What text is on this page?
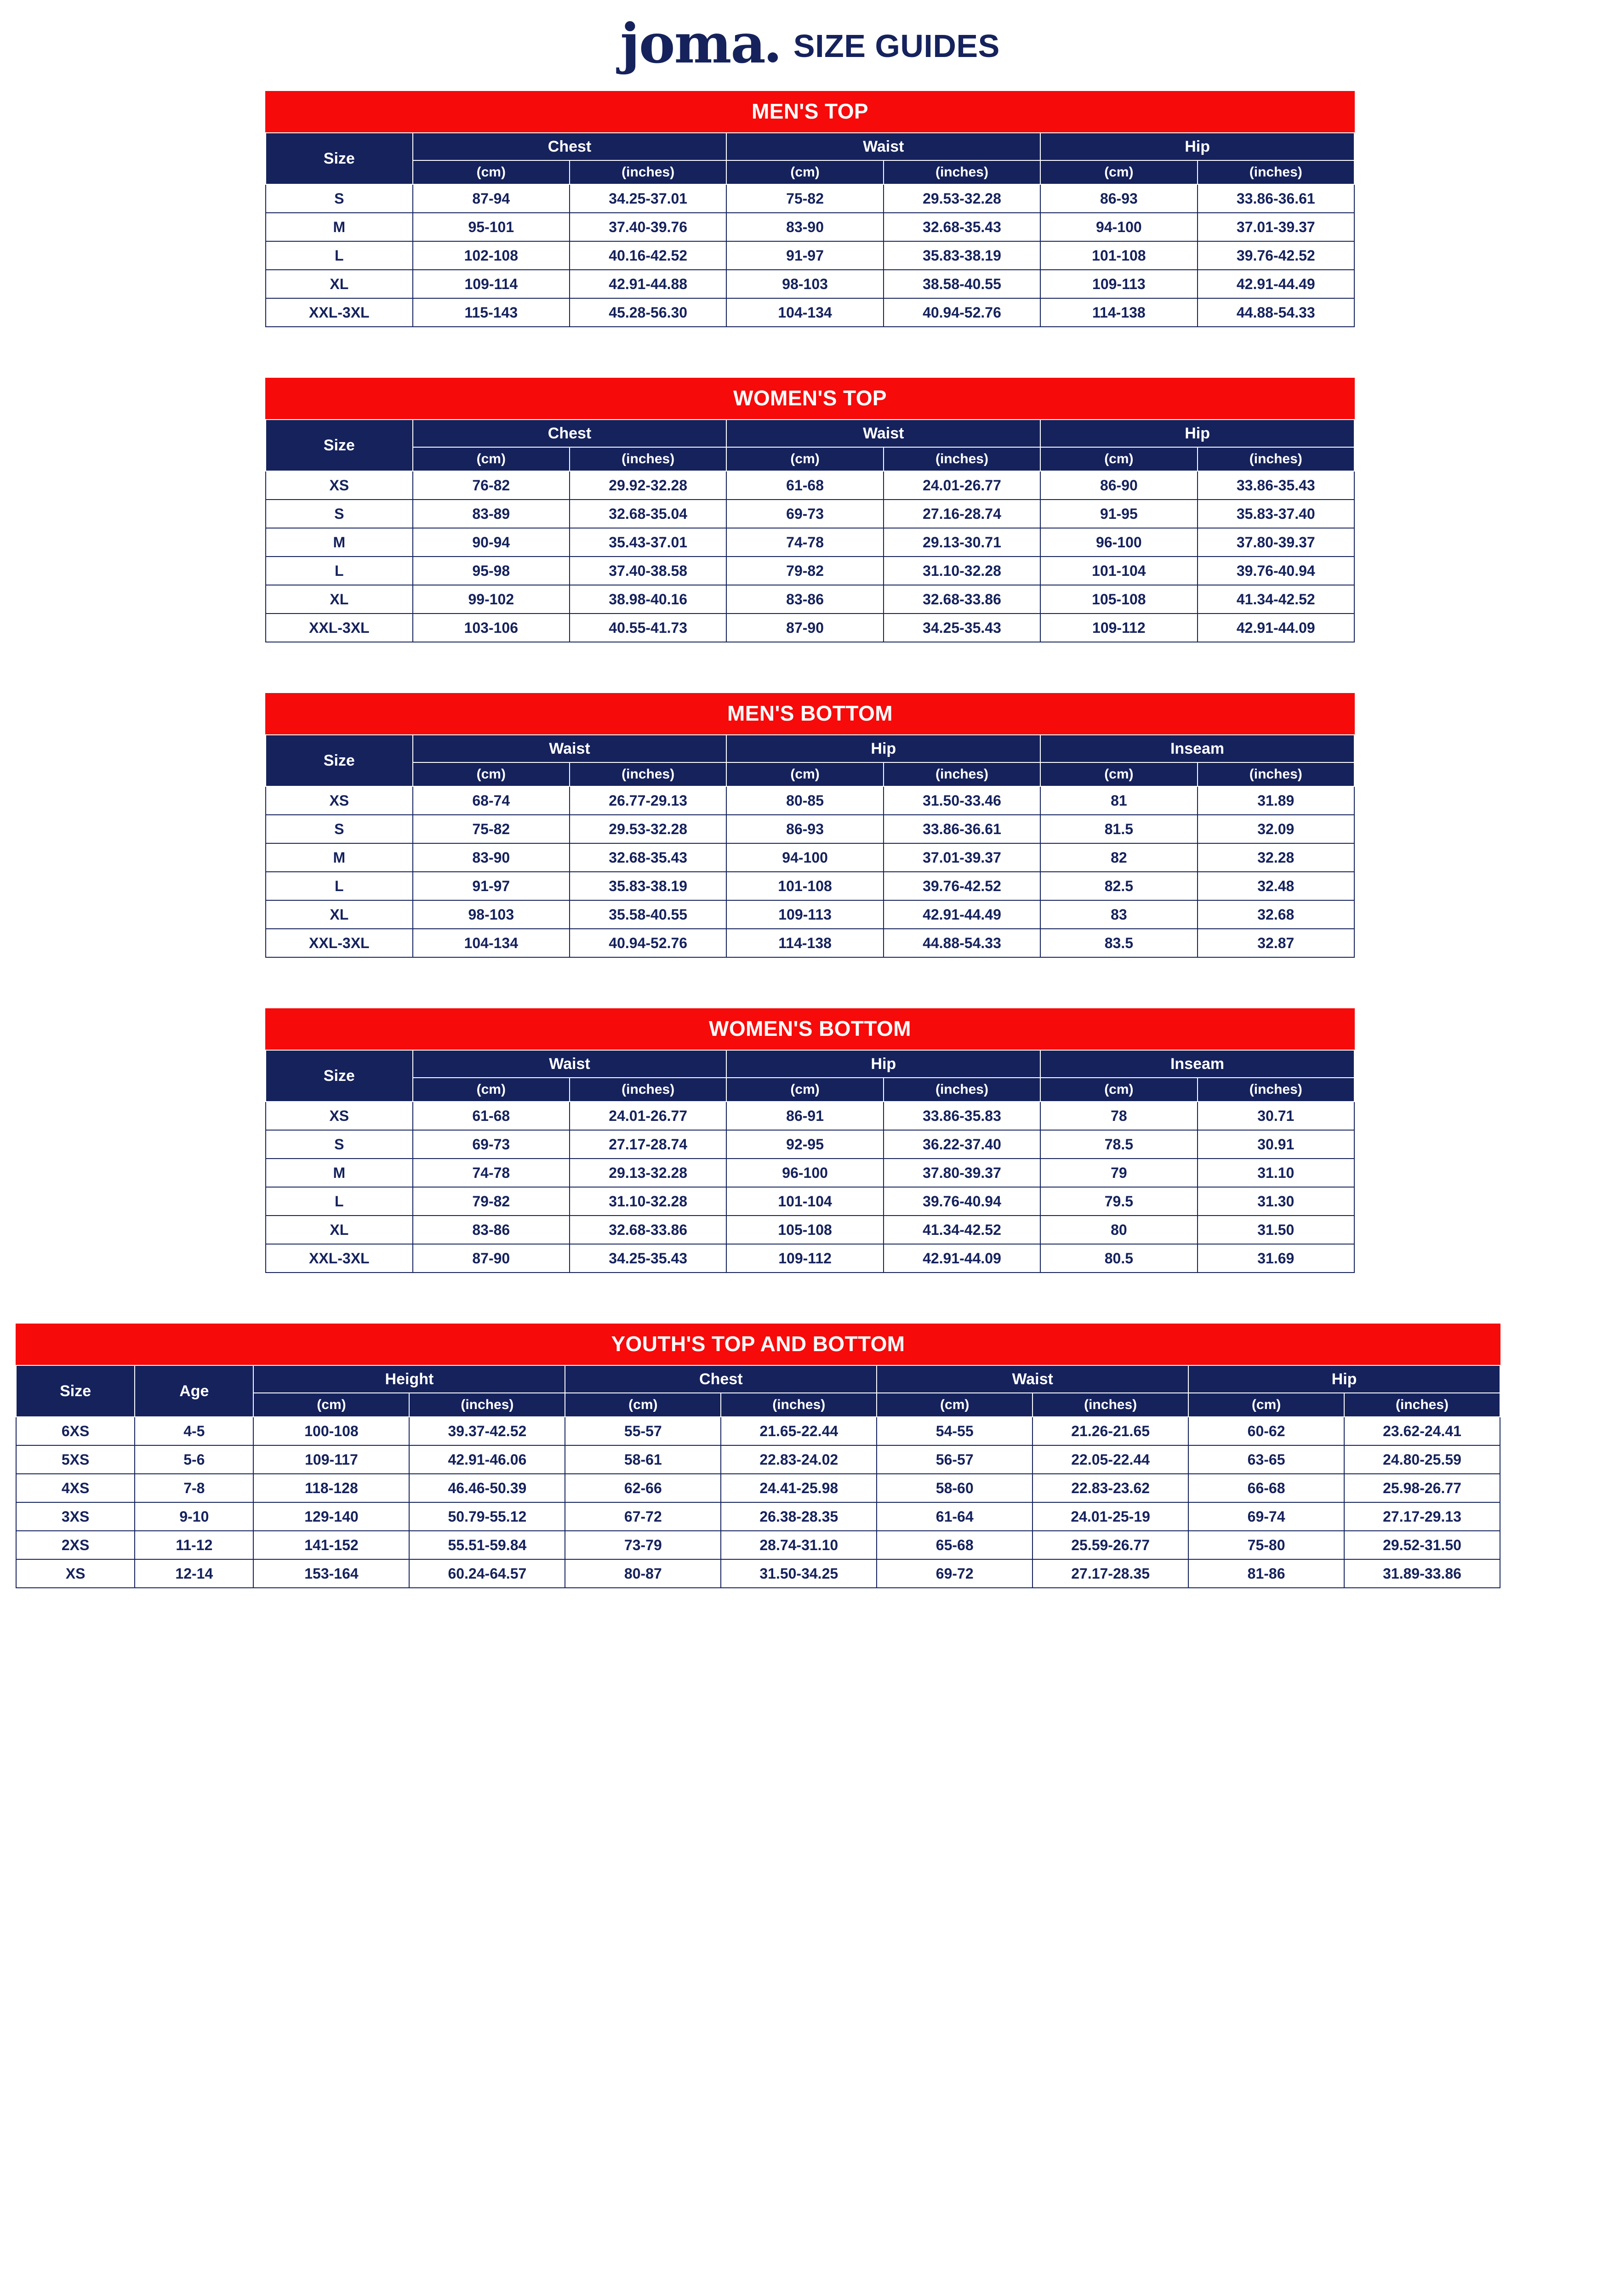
joma SIZE GUIDES
MEN'S TOP
Size	Chest		Waist		Hip	
	(cm)	(inches)	(cm)	(inches)	(cm)	(inches)
S	87-94	34.25-37.01	75-82	29.53-32.28	86-93	33.86-36.61
M	95-101	37.40-39.76	83-90	32.68-35.43	94-100	37.01-39.37
L	102-108	40.16-42.52	91-97	35.83-38.19	101-108	39.76-42.52
XL	109-114	42.91-44.88	98-103	38.58-40.55	109-113	42.91-44.49
XXL-3XL	115-143	45.28-56.30	104-134	40.94-52.76	114-138	44.88-54.33
WOMEN'S TOP
Size	Chest		Waist		Hip	
	(cm)	(inches)	(cm)	(inches)	(cm)	(inches)
XS	76-82	29.92-32.28	61-68	24.01-26.77	86-90	33.86-35.43
S	83-89	32.68-35.04	69-73	27.16-28.74	91-95	35.83-37.40
M	90-94	35.43-37.01	74-78	29.13-30.71	96-100	37.80-39.37
L	95-98	37.40-38.58	79-82	31.10-32.28	101-104	39.76-40.94
XL	99-102	38.98-40.16	83-86	32.68-33.86	105-108	41.34-42.52
XXL-3XL	103-106	40.55-41.73	87-90	34.25-35.43	109-112	42.91-44.09
MEN'S BOTTOM
Size	Waist		Hip		Inseam	
	(cm)	(inches)	(cm)	(inches)	(cm)	(inches)
XS	68-74	26.77-29.13	80-85	31.50-33.46	81	31.89
S	75-82	29.53-32.28	86-93	33.86-36.61	81.5	32.09
M	83-90	32.68-35.43	94-100	37.01-39.37	82	32.28
L	91-97	35.83-38.19	101-108	39.76-42.52	82.5	32.48
XL	98-103	35.58-40.55	109-113	42.91-44.49	83	32.68
XXL-3XL	104-134	40.94-52.76	114-138	44.88-54.33	83.5	32.87
WOMEN'S BOTTOM
Size	Waist		Hip		Inseam	
	(cm)	(inches)	(cm)	(inches)	(cm)	(inches)
XS	61-68	24.01-26.77	86-91	33.86-35.83	78	30.71
S	69-73	27.17-28.74	92-95	36.22-37.40	78.5	30.91
M	74-78	29.13-32.28	96-100	37.80-39.37	79	31.10
L	79-82	31.10-32.28	101-104	39.76-40.94	79.5	31.30
XL	83-86	32.68-33.86	105-108	41.34-42.52	80	31.50
XXL-3XL	87-90	34.25-35.43	109-112	42.91-44.09	80.5	31.69
YOUTH'S TOP AND BOTTOM
Size	Age	Height		Chest		Waist		Hip	
		(cm)	(inches)	(cm)	(inches)	(cm)	(inches)	(cm)	(inches)
6XS	4-5	100-108	39.37-42.52	55-57	21.65-22.44	54-55	21.26-21.65	60-62	23.62-24.41
5XS	5-6	109-117	42.91-46.06	58-61	22.83-24.02	56-57	22.05-22.44	63-65	24.80-25.59
4XS	7-8	118-128	46.46-50.39	62-66	24.41-25.98	58-60	22.83-23.62	66-68	25.98-26.77
3XS	9-10	129-140	50.79-55.12	67-72	26.38-28.35	61-64	24.01-25-19	69-74	27.17-29.13
2XS	11-12	141-152	55.51-59.84	73-79	28.74-31.10	65-68	25.59-26.77	75-80	29.52-31.50
XS	12-14	153-164	60.24-64.57	80-87	31.50-34.25	69-72	27.17-28.35	81-86	31.89-33.86
